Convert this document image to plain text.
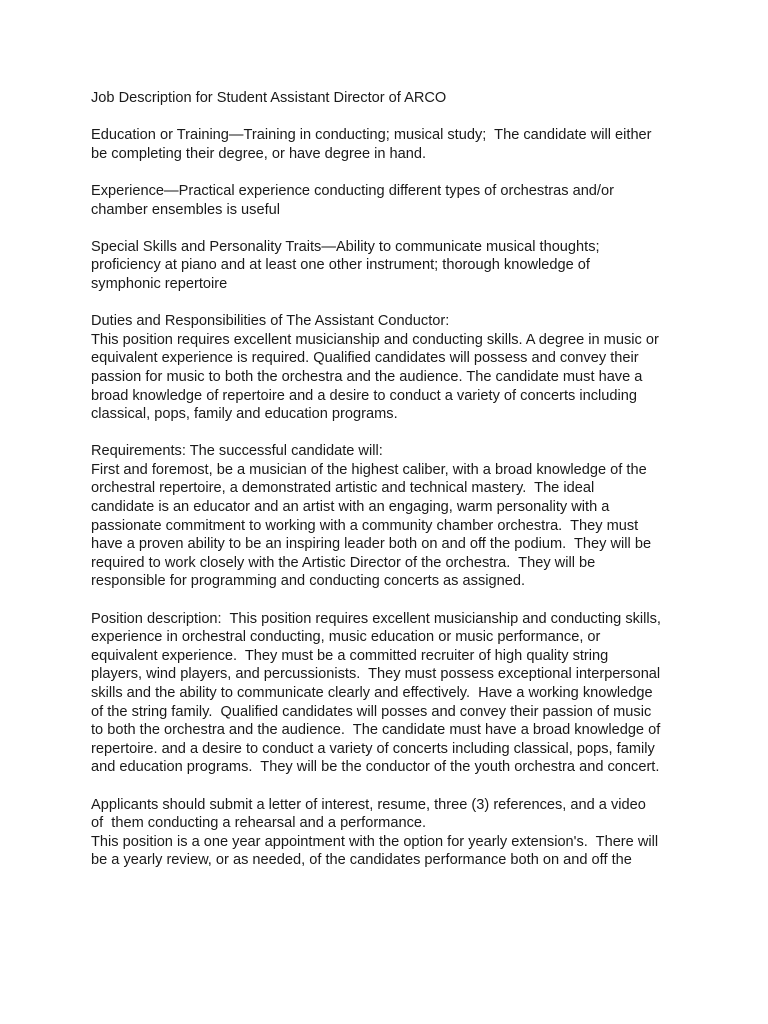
Job Description for Student Assistant Director of ARCO

Education or Training—Training in conducting; musical study;  The candidate will either
be completing their degree, or have degree in hand.

Experience—Practical experience conducting different types of orchestras and/or
chamber ensembles is useful

Special Skills and Personality Traits—Ability to communicate musical thoughts;
proficiency at piano and at least one other instrument; thorough knowledge of
symphonic repertoire

Duties and Responsibilities of The Assistant Conductor:
This position requires excellent musicianship and conducting skills. A degree in music or
equivalent experience is required. Qualified candidates will possess and convey their
passion for music to both the orchestra and the audience. The candidate must have a
broad knowledge of repertoire and a desire to conduct a variety of concerts including
classical, pops, family and education programs.

Requirements: The successful candidate will:
First and foremost, be a musician of the highest caliber, with a broad knowledge of the
orchestral repertoire, a demonstrated artistic and technical mastery.  The ideal
candidate is an educator and an artist with an engaging, warm personality with a
passionate commitment to working with a community chamber orchestra.  They must
have a proven ability to be an inspiring leader both on and off the podium.  They will be
required to work closely with the Artistic Director of the orchestra.  They will be
responsible for programming and conducting concerts as assigned.

Position description:  This position requires excellent musicianship and conducting skills,
experience in orchestral conducting, music education or music performance, or
equivalent experience.  They must be a committed recruiter of high quality string
players, wind players, and percussionists.  They must possess exceptional interpersonal
skills and the ability to communicate clearly and effectively.  Have a working knowledge
of the string family.  Qualified candidates will posses and convey their passion of music
to both the orchestra and the audience.  The candidate must have a broad knowledge of
repertoire. and a desire to conduct a variety of concerts including classical, pops, family
and education programs.  They will be the conductor of the youth orchestra and concert.

Applicants should submit a letter of interest, resume, three (3) references, and a video
of  them conducting a rehearsal and a performance.

This position is a one year appointment with the option for yearly extension's.  There will
be a yearly review, or as needed, of the candidates performance both on and off the
